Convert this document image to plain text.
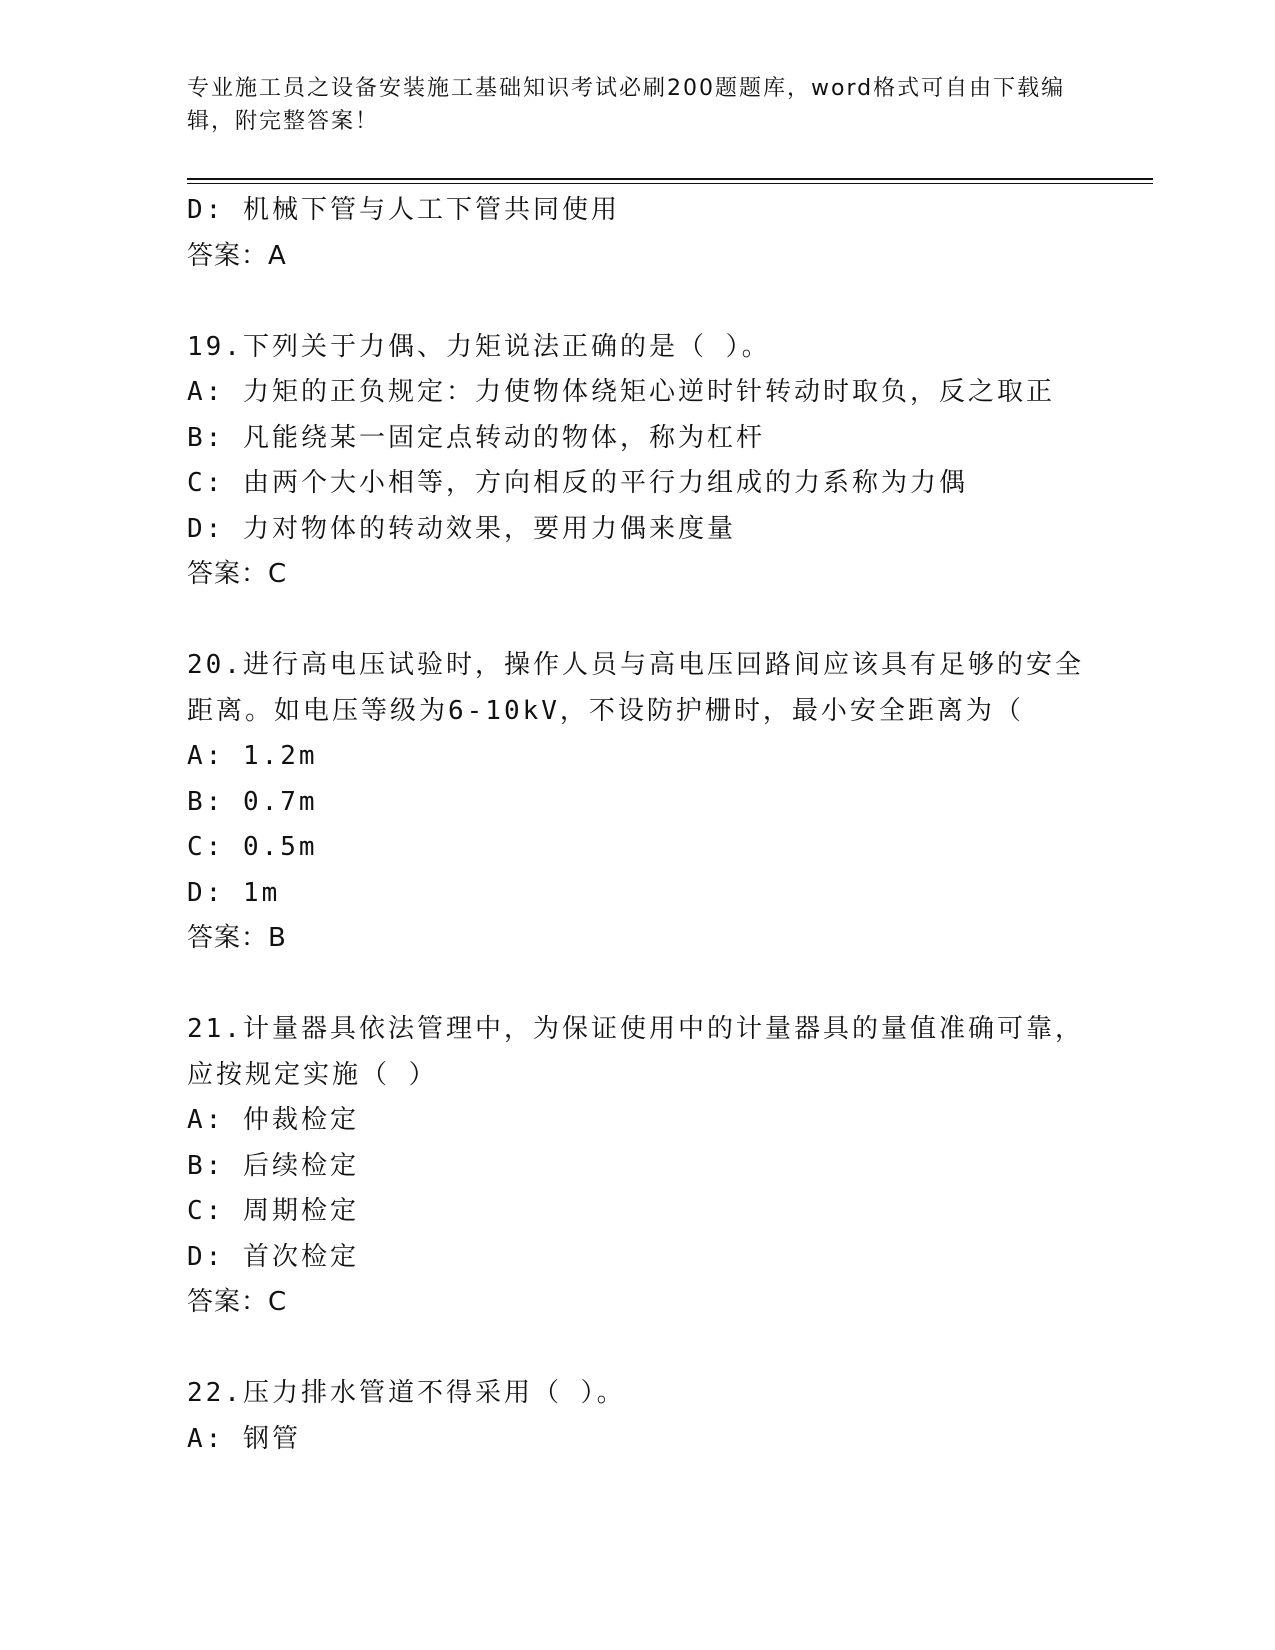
专业施工员之设备安装施工基础知识考试必刷200题题库，word格式可自由下载编辑，附完整答案！
D: 机械下管与人工下管共同使用
答案：A
19.下列关于力偶、力矩说法正确的是（ ）。
A: 力矩的正负规定：力使物体绕矩心逆时针转动时取负，反之取正
B: 凡能绕某一固定点转动的物体，称为杠杆
C: 由两个大小相等，方向相反的平行力组成的力系称为力偶
D: 力对物体的转动效果，要用力偶来度量
答案：C
20.进行高电压试验时，操作人员与高电压回路间应该具有足够的安全
距离。如电压等级为6-10kV，不设防护栅时，最小安全距离为（
A: 1.2m
B: 0.7m
C: 0.5m
D: 1m
答案：B
21.计量器具依法管理中，为保证使用中的计量器具的量值准确可靠，
应按规定实施（ ）
A: 仲裁检定
B: 后续检定
C: 周期检定
D: 首次检定
答案：C
22.压力排水管道不得采用（ ）。
A: 钢管
